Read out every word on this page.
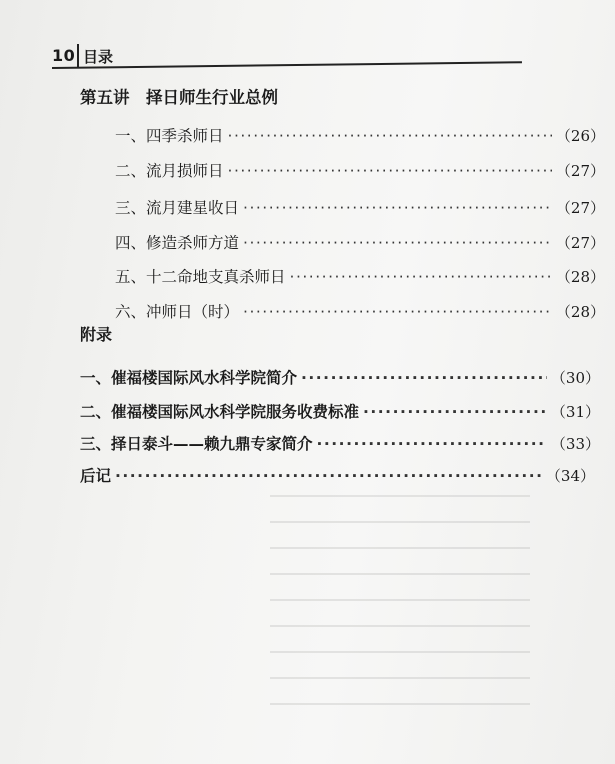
10 目录
第五讲　择日师生行业总例
一、四季杀师日 ·····	（26）
二、流月损师日 ·····	（27）
三、流月建星收日 ·····	（27）
四、修造杀师方道 ·····	（27）
五、十二命地支真杀师日 ·····	（28）
六、冲师日（时） ·····	（28）
附录
一、催福楼国际风水科学院简介 ·····	（30）
二、催福楼国际风水科学院服务收费标准 ·····	（31）
三、择日泰斗——赖九鼎专家简介 ·····	（33）
后记 ·····	（34）
